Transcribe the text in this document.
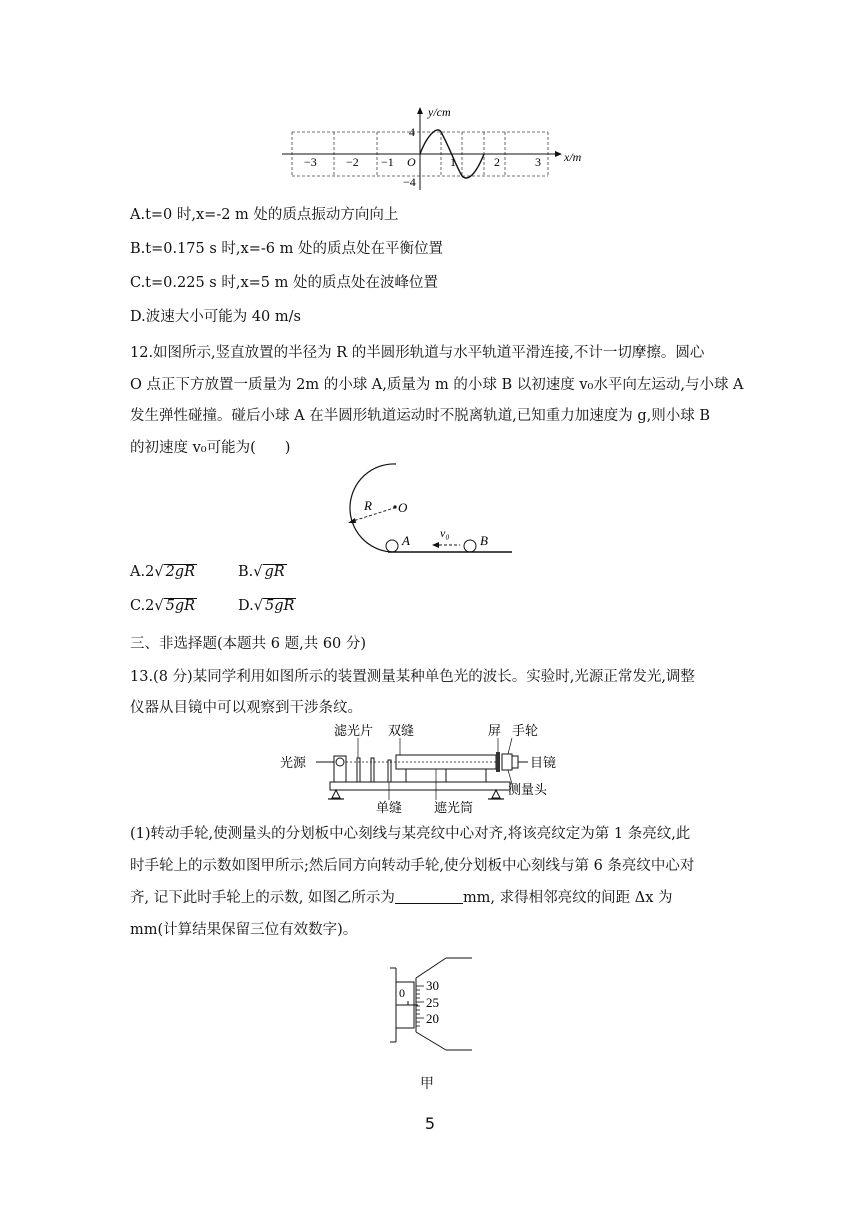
y/cm
x/m
O
4
−4
−3 −2 −1	1	2	3
A.t=0 时,x=-2 m 处的质点振动方向向上
B.t=0.175 s 时,x=-6 m 处的质点处在平衡位置
C.t=0.225 s 时,x=5 m 处的质点处在波峰位置
D.波速大小可能为 40 m/s
12.如图所示,竖直放置的半径为 R 的半圆形轨道与水平轨道平滑连接,不计一切摩擦。圆心
O 点正下方放置一质量为 2m 的小球 A,质量为 m 的小球 B 以初速度 v₀水平向左运动,与小球 A
发生弹性碰撞。碰后小球 A 在半圆形轨道运动时不脱离轨道,已知重力加速度为 g,则小球 B
的初速度 v₀可能为(　　)
R O
A	B
v₀
A.2√ 2gR	B.√ gR
C.2√ 5gR	D.√ 5gR
三、非选择题(本题共 6 题,共 60 分)
13.(8 分)某同学利用如图所示的装置测量某种单色光的波长。实验时,光源正常发光,调整
仪器从目镜中可以观察到干涉条纹。
光源
滤光片 双缝	屏 手轮
目镜
单缝 遮光筒
测量头
(1)转动手轮,使测量头的分划板中心刻线与某亮纹中心对齐,将该亮纹定为第 1 条亮纹,此
时手轮上的示数如图甲所示;然后同方向转动手轮,使分划板中心刻线与第 6 条亮纹中心对
齐, 记下此时手轮上的示数, 如图乙所示为	mm, 求得相邻亮纹的间距 Δx 为
mm(计算结果保留三位有效数字)。
0 30
25
20
甲
5
